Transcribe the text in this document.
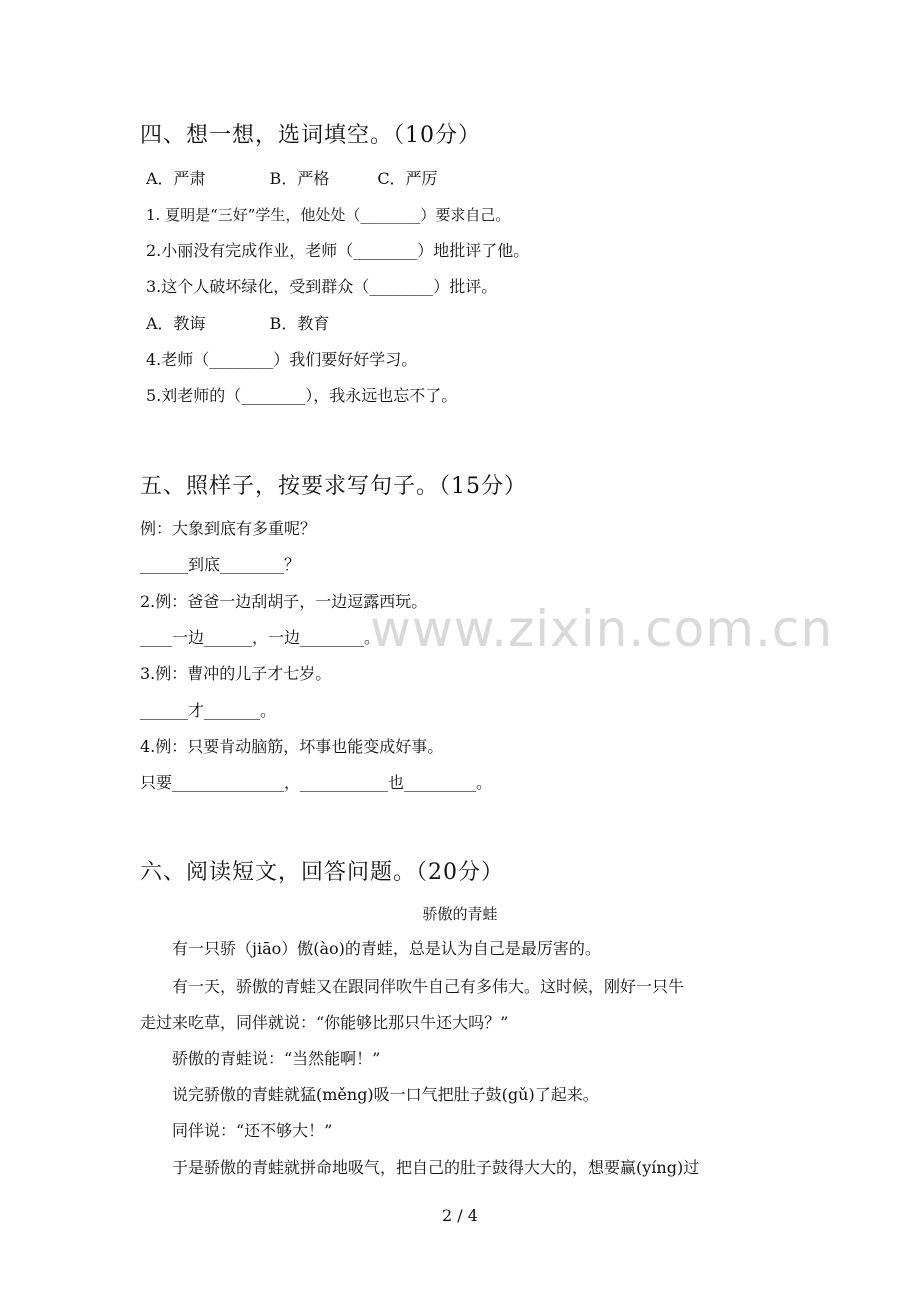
www.zixin.com.cn
四、想一想，选词填空。（10分）
A．严肃　　　　B．严格　　　C．严厉
1. 夏明是“三好”学生，他处处（________）要求自己。
2.小丽没有完成作业，老师（________）地批评了他。
3.这个人破坏绿化，受到群众（________）批评。
A．教诲　　　　B．教育
4.老师（________）我们要好好学习。
5.刘老师的（________），我永远也忘不了。
五、照样子，按要求写句子。（15分）
例：大象到底有多重呢？
______到底________？
2.例：爸爸一边刮胡子，一边逗露西玩。
____一边______，一边________。
3.例：曹冲的儿子才七岁。
______才_______。
4.例：只要肯动脑筋，坏事也能变成好事。
只要______________，___________也_________。
六、阅读短文，回答问题。（20分）
骄傲的青蛙
有一只骄（jiāo）傲(ào)的青蛙，总是认为自己是最厉害的。
有一天，骄傲的青蛙又在跟同伴吹牛自己有多伟大。这时候，刚好一只牛
走过来吃草，同伴就说：“你能够比那只牛还大吗？”
骄傲的青蛙说：“当然能啊！”
说完骄傲的青蛙就猛(měng)吸一口气把肚子鼓(gǔ)了起来。
同伴说：“还不够大！”
于是骄傲的青蛙就拼命地吸气，把自己的肚子鼓得大大的，想要赢(yíng)过
2 / 4
